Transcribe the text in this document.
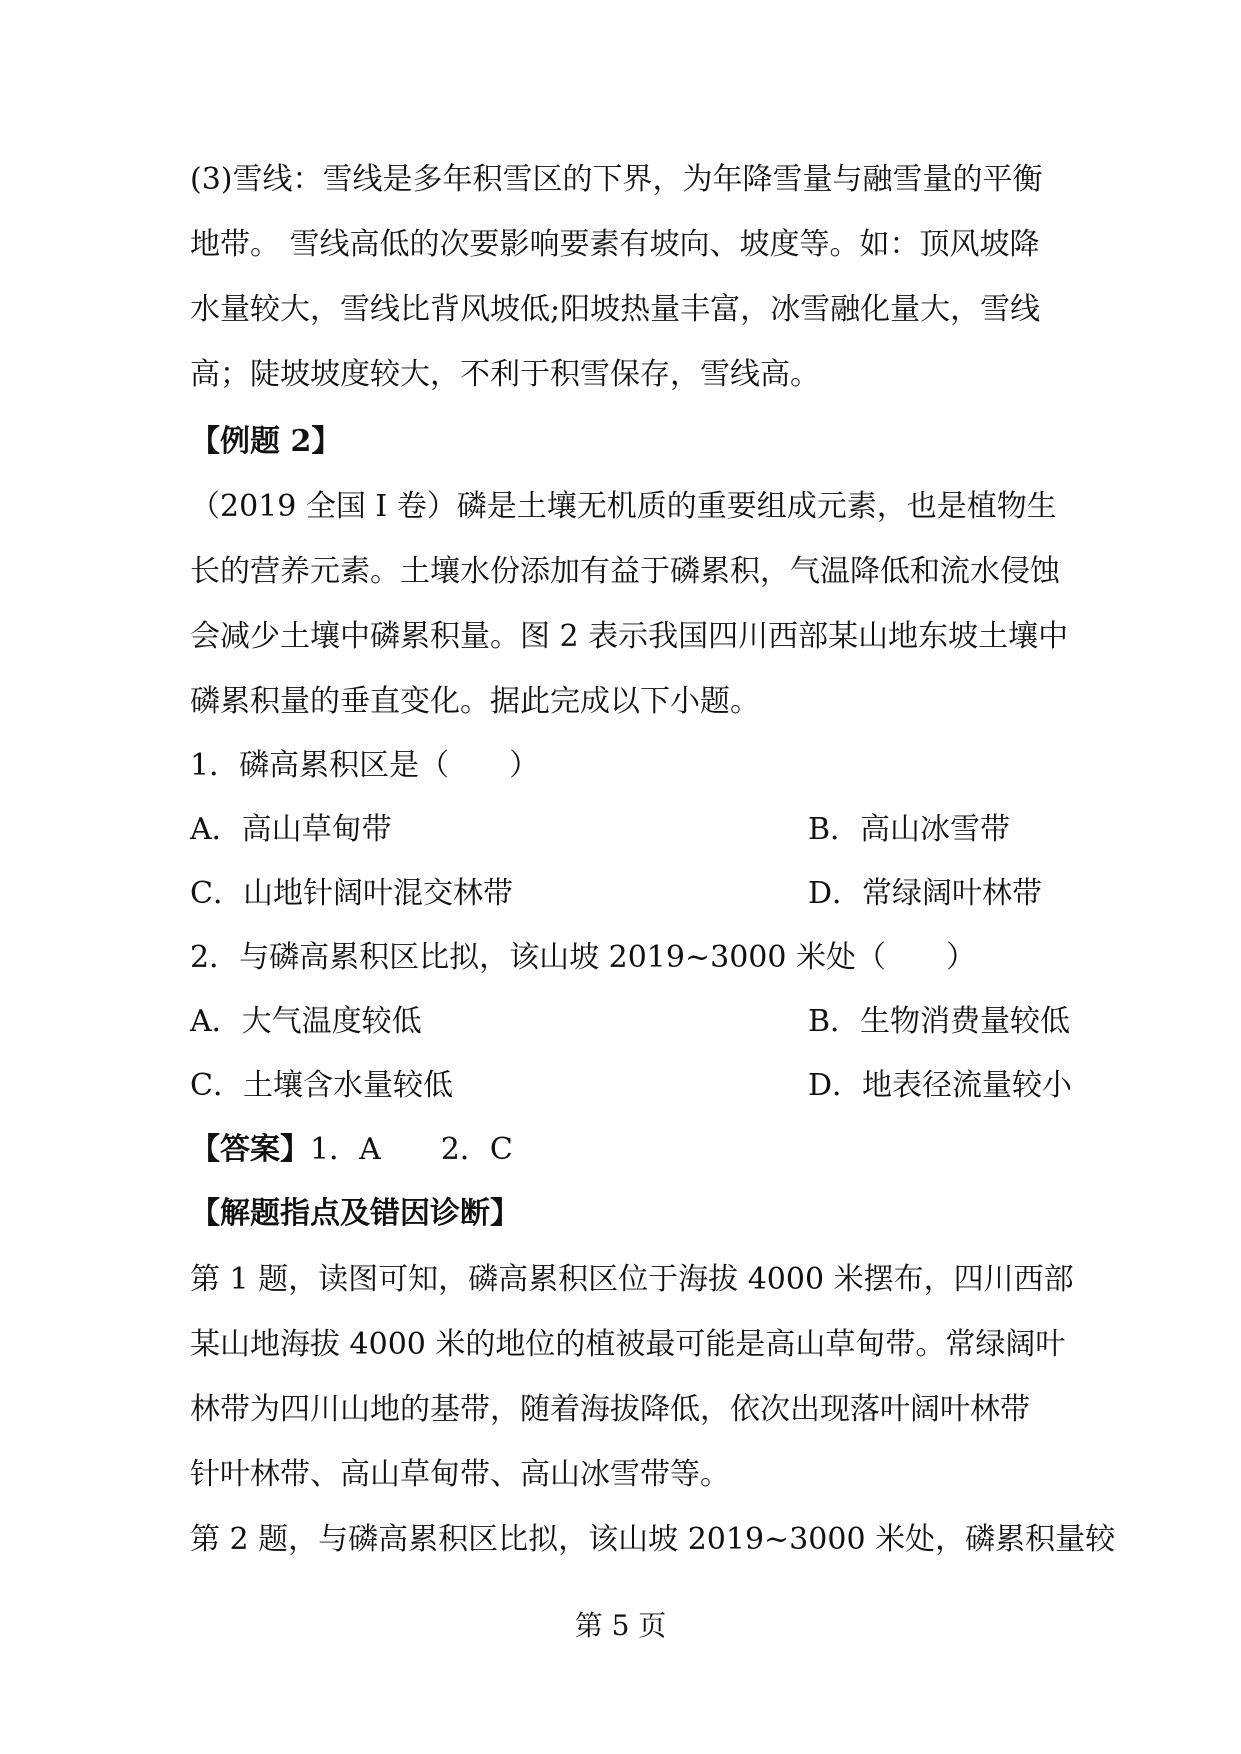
(3)雪线：雪线是多年积雪区的下界，为年降雪量与融雪量的平衡
地带。 雪线高低的次要影响要素有坡向、坡度等。如：顶风坡降
水量较大，雪线比背风坡低;阳坡热量丰富，冰雪融化量大，雪线
高；陡坡坡度较大，不利于积雪保存，雪线高。
【例题 2】
（2019 全国 I 卷）磷是土壤无机质的重要组成元素，也是植物生
长的营养元素。土壤水份添加有益于磷累积，气温降低和流水侵蚀
会减少土壤中磷累积量。图 2 表示我国四川西部某山地东坡土壤中
磷累积量的垂直变化。据此完成以下小题。
1．磷高累积区是（　　）
A．高山草甸带	B．高山冰雪带
C．山地针阔叶混交林带	D．常绿阔叶林带
2．与磷高累积区比拟，该山坡 2019~3000 米处（　　）
A．大气温度较低	B．生物消费量较低
C．土壤含水量较低	D．地表径流量较小
【答案】1．A　　2．C
【解题指点及错因诊断】
第 1 题，读图可知，磷高累积区位于海拔 4000 米摆布，四川西部
某山地海拔 4000 米的地位的植被最可能是高山草甸带。常绿阔叶
林带为四川山地的基带，随着海拔降低，依次出现落叶阔叶林带
针叶林带、高山草甸带、高山冰雪带等。
第 2 题，与磷高累积区比拟，该山坡 2019~3000 米处，磷累积量较
第 5 页
